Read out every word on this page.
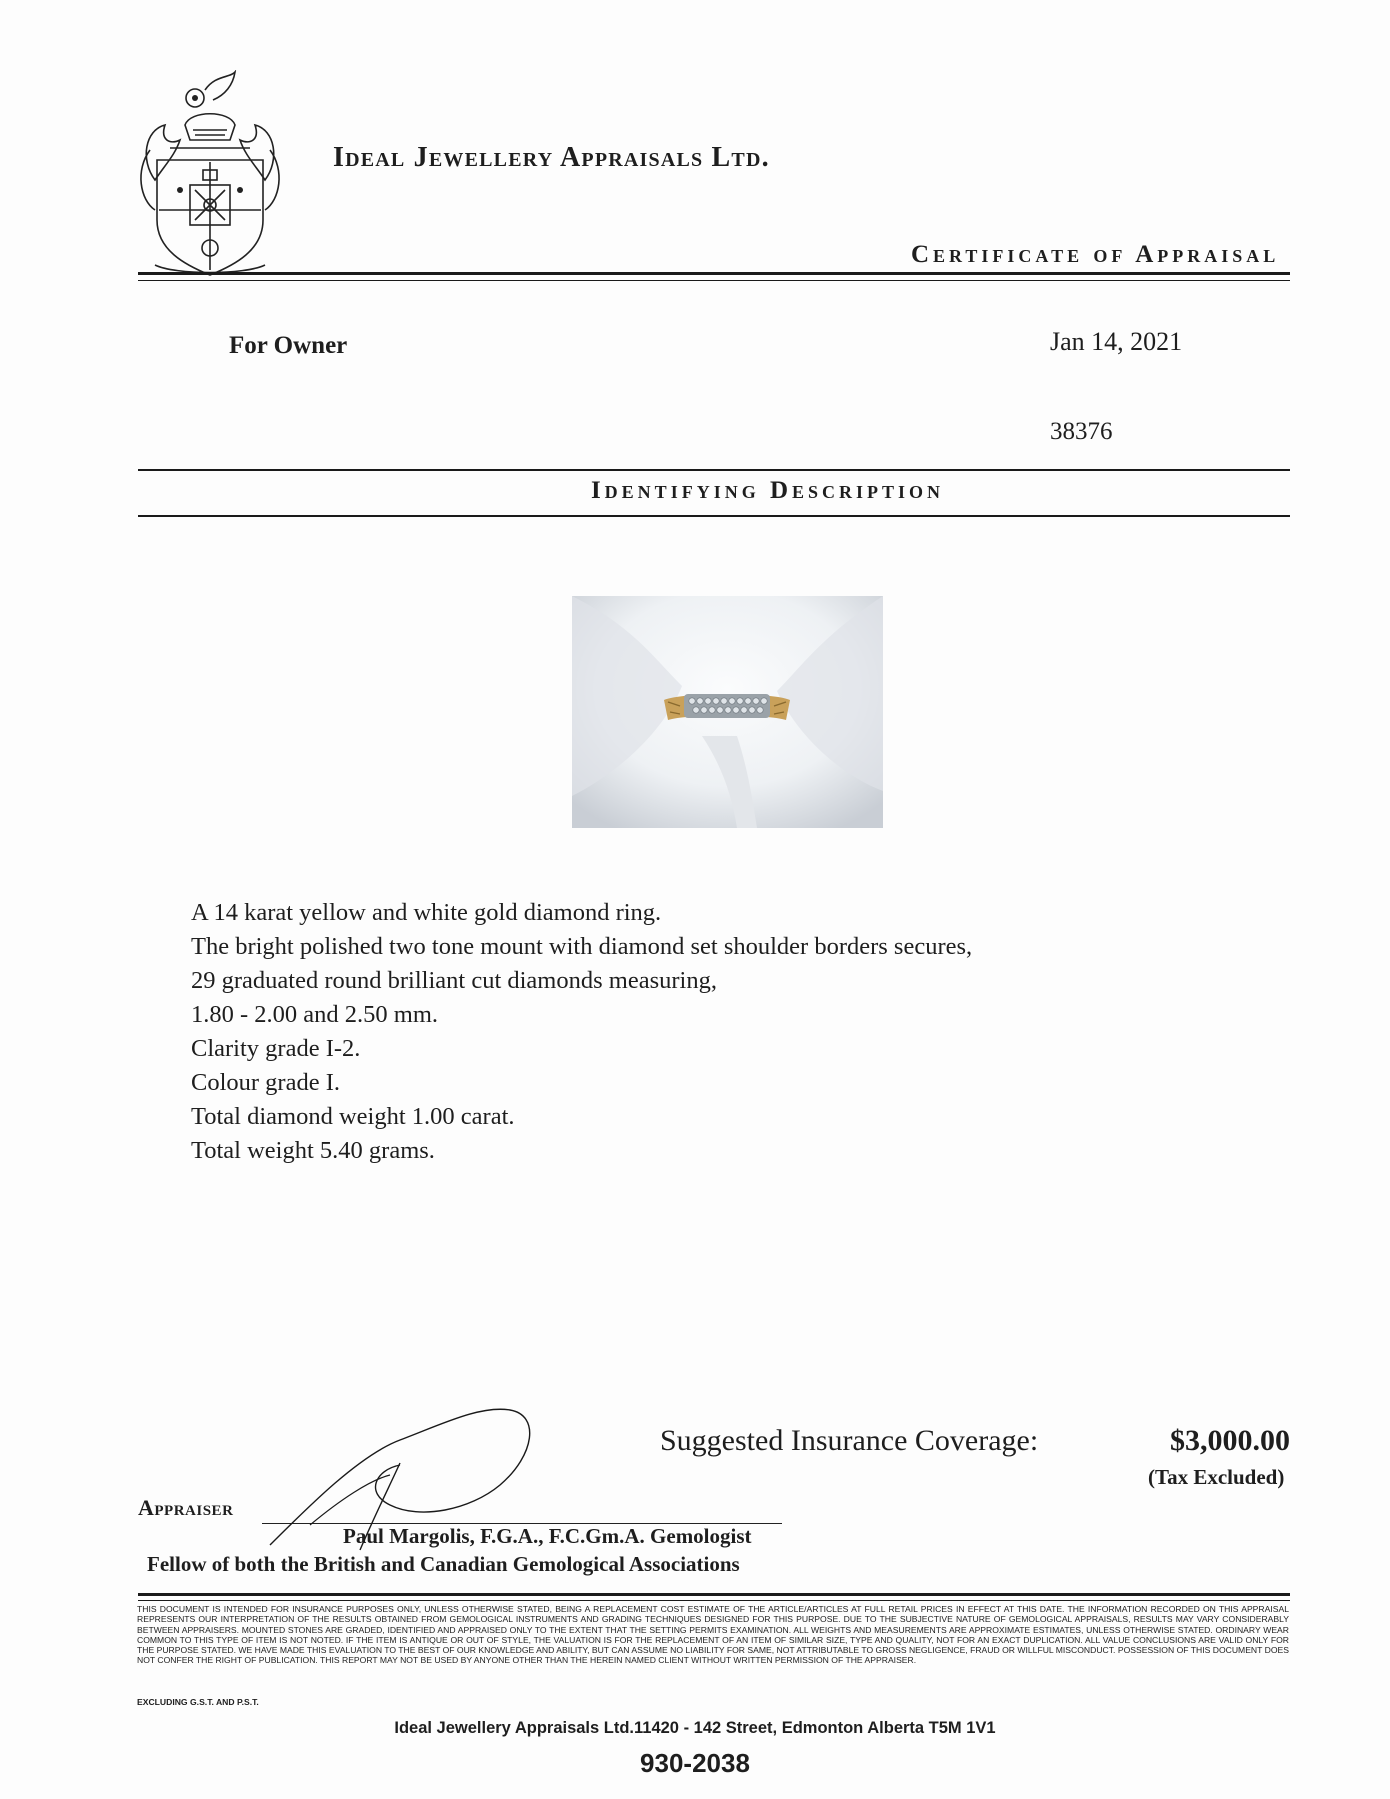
Ideal Jewellery Appraisals Ltd.
Certificate of Appraisal
For Owner	Jan 14, 2021
38376
Identifying Description
A 14 karat yellow and white gold diamond ring.
The bright polished two tone mount with diamond set shoulder borders secures,
29 graduated round brilliant cut diamonds measuring,
1.80 - 2.00 and 2.50 mm.
Clarity grade I-2.
Colour grade I.
Total diamond weight 1.00 carat.
Total weight 5.40 grams.
Suggested Insurance Coverage:	$3,000.00
(Tax Excluded)
Appraiser
Paul Margolis, F.G.A., F.C.Gm.A. Gemologist
Fellow of both the British and Canadian Gemological Associations
THIS DOCUMENT IS INTENDED FOR INSURANCE PURPOSES ONLY, UNLESS OTHERWISE STATED, BEING A REPLACEMENT COST ESTIMATE OF THE ARTICLE/ARTICLES AT FULL RETAIL PRICES IN EFFECT AT THIS DATE. THE INFORMATION RECORDED ON THIS APPRAISAL REPRESENTS OUR INTERPRETATION OF THE RESULTS OBTAINED FROM GEMOLOGICAL INSTRUMENTS AND GRADING TECHNIQUES DESIGNED FOR THIS PURPOSE. DUE TO THE SUBJECTIVE NATURE OF GEMOLOGICAL APPRAISALS, RESULTS MAY VARY CONSIDERABLY BETWEEN APPRAISERS. MOUNTED STONES ARE GRADED, IDENTIFIED AND APPRAISED ONLY TO THE EXTENT THAT THE SETTING PERMITS EXAMINATION. ALL WEIGHTS AND MEASUREMENTS ARE APPROXIMATE ESTIMATES, UNLESS OTHERWISE STATED. ORDINARY WEAR COMMON TO THIS TYPE OF ITEM IS NOT NOTED. IF THE ITEM IS ANTIQUE OR OUT OF STYLE, THE VALUATION IS FOR THE REPLACEMENT OF AN ITEM OF SIMILAR SIZE, TYPE AND QUALITY, NOT FOR AN EXACT DUPLICATION. ALL VALUE CONCLUSIONS ARE VALID ONLY FOR THE PURPOSE STATED. WE HAVE MADE THIS EVALUATION TO THE BEST OF OUR KNOWLEDGE AND ABILITY, BUT CAN ASSUME NO LIABILITY FOR SAME, NOT ATTRIBUTABLE TO GROSS NEGLIGENCE, FRAUD OR WILLFUL MISCONDUCT. POSSESSION OF THIS DOCUMENT DOES NOT CONFER THE RIGHT OF PUBLICATION. THIS REPORT MAY NOT BE USED BY ANYONE OTHER THAN THE HEREIN NAMED CLIENT WITHOUT WRITTEN PERMISSION OF THE APPRAISER.
EXCLUDING G.S.T. AND P.S.T.
Ideal Jewellery Appraisals Ltd.11420 - 142 Street, Edmonton Alberta T5M 1V1
930-2038
